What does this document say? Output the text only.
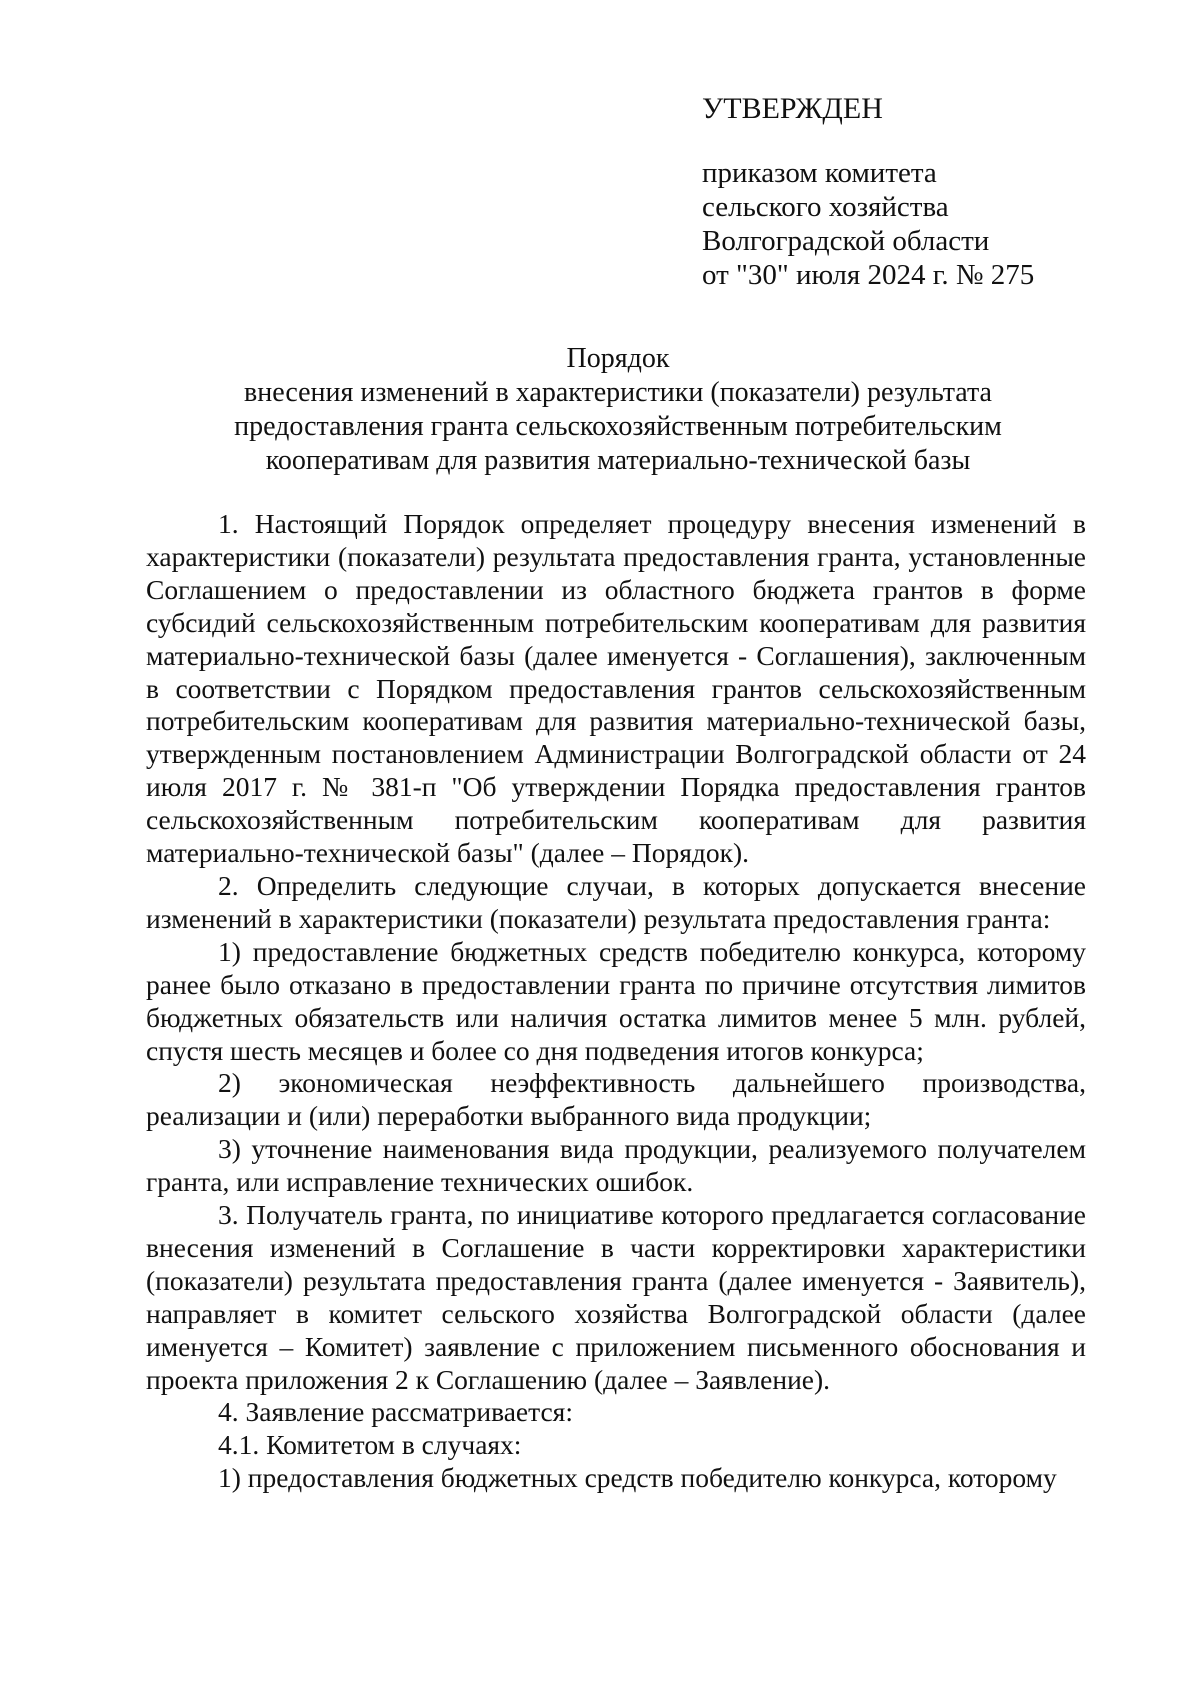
УТВЕРЖДЕН
приказом комитета
сельского хозяйства
Волгоградской области
от "30" июля 2024 г. № 275
Порядок
внесения изменений в характеристики (показатели) результата
предоставления гранта сельскохозяйственным потребительским
кооперативам для развития материально-технической базы

1. Настоящий Порядок определяет процедуру внесения изменений в характеристики (показатели) результата предоставления гранта, установленные Соглашением о предоставлении из областного бюджета грантов в форме субсидий сельскохозяйственным потребительским кооперативам для развития материально-технической базы (далее именуется - Соглашения), заключенным в соответствии с Порядком предоставления грантов сельскохозяйственным потребительским кооперативам для развития материально-технической базы, утвержденным постановлением Администрации Волгоградской области от 24 июля 2017 г. № 381-п "Об утверждении Порядка предоставления грантов сельскохозяйственным потребительским кооперативам для развития материально-технической базы" (далее – Порядок).

2. Определить следующие случаи, в которых допускается внесение изменений в характеристики (показатели) результата предоставления гранта:

1) предоставление бюджетных средств победителю конкурса, которому ранее было отказано в предоставлении гранта по причине отсутствия лимитов бюджетных обязательств или наличия остатка лимитов менее 5 млн. рублей, спустя шесть месяцев и более со дня подведения итогов конкурса;

2) экономическая неэффективность дальнейшего производства, реализации и (или) переработки выбранного вида продукции;

3) уточнение наименования вида продукции, реализуемого получателем гранта, или исправление технических ошибок.

3. Получатель гранта, по инициативе которого предлагается согласование внесения изменений в Соглашение в части корректировки характеристики (показатели) результата предоставления гранта (далее именуется - Заявитель), направляет в комитет сельского хозяйства Волгоградской области (далее именуется – Комитет) заявление с приложением письменного обоснования и проекта приложения 2 к Соглашению (далее – Заявление).

4. Заявление рассматривается:

4.1. Комитетом в случаях:

1) предоставления бюджетных средств победителю конкурса, которому
